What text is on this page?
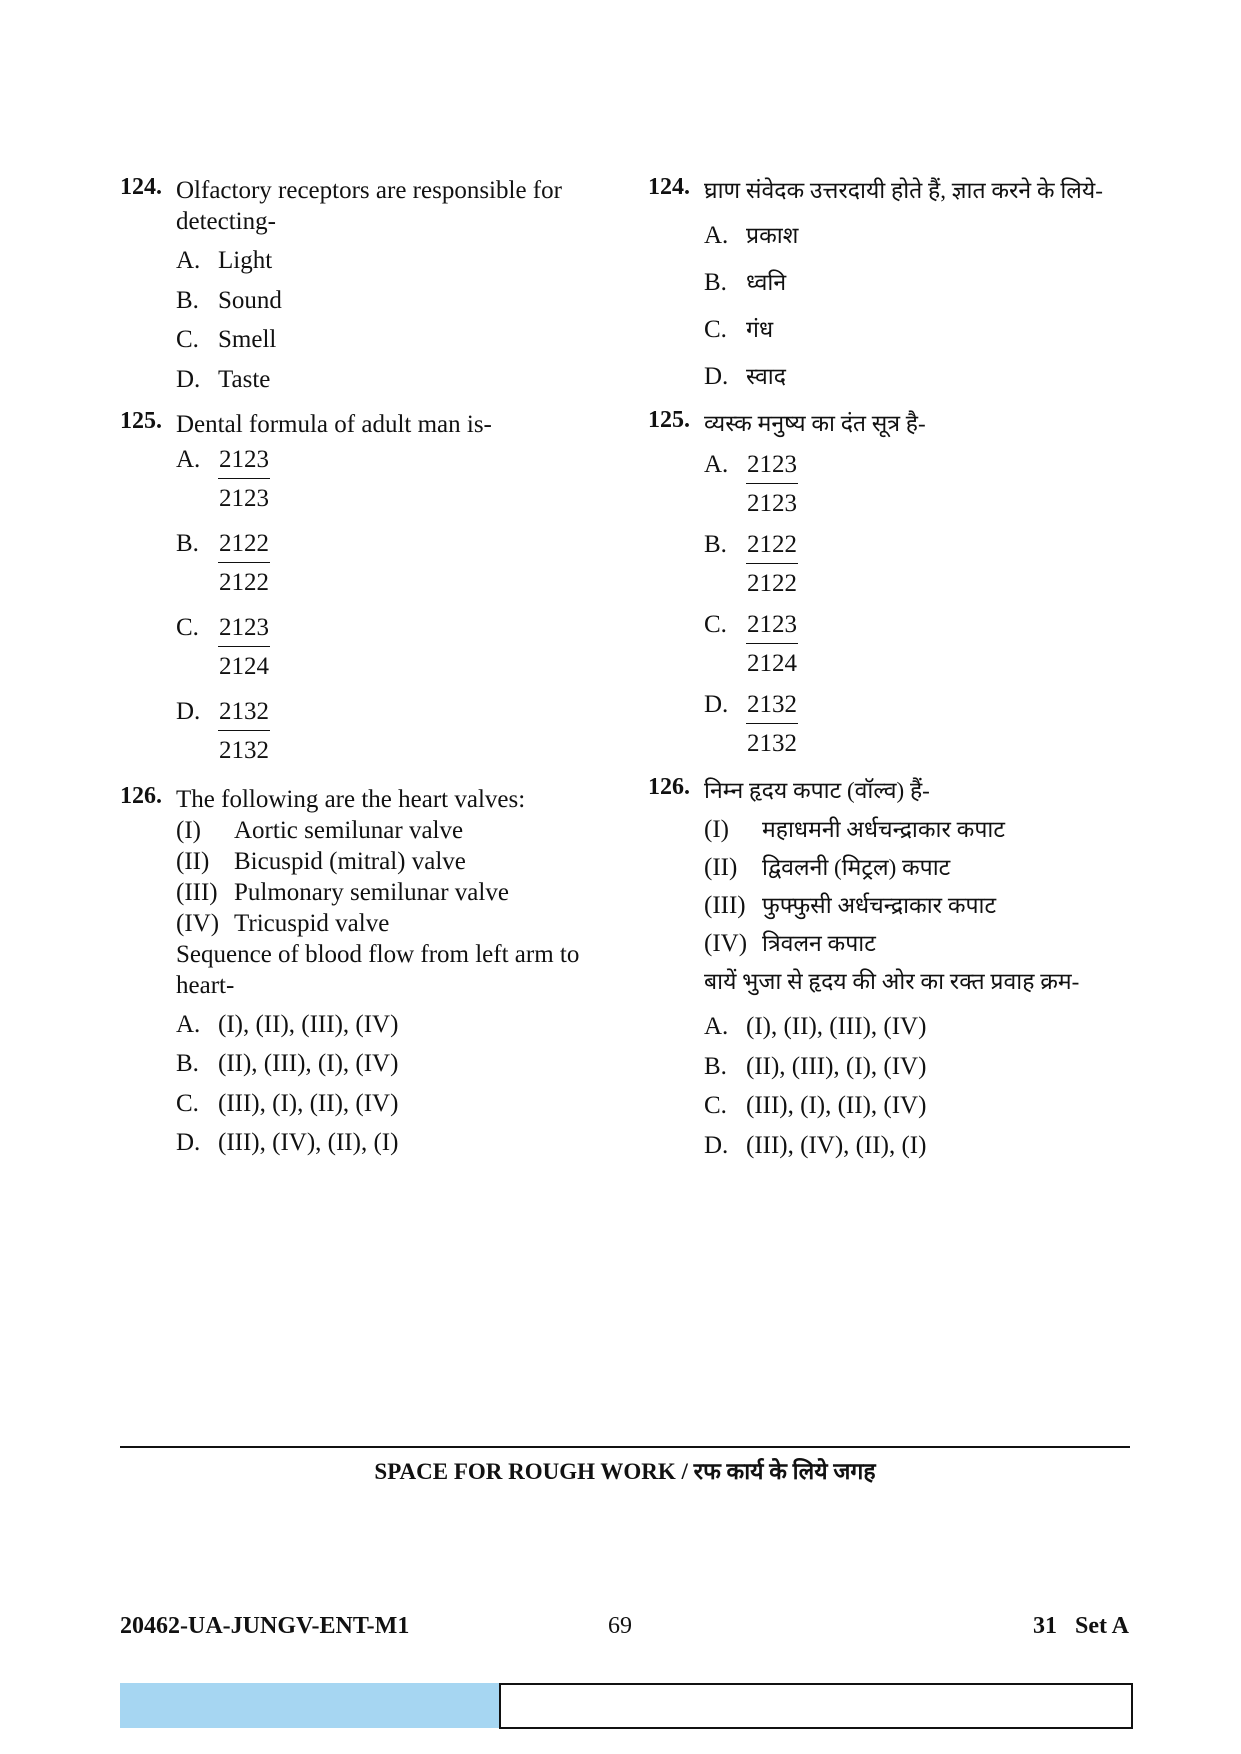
124. Olfactory receptors are responsible for detecting-

A. Light
B. Sound
C. Smell
D. Taste
125. Dental formula of adult man is-

A. $\frac{2123}{2123}$
B. $\frac{2122}{2122}$
C. $\frac{2123}{2124}$
D. $\frac{2132}{2132}$
126. The following are the heart valves:

(I)	Aortic semilunar valve
(II) Bicuspid (mitral) valve
(III) Pulmonary semilunar valve
(IV) Tricuspid valve

Sequence of blood flow from left arm to heart-

A. (I), (II), (III), (IV)
B. (II), (III), (I), (IV)
C. (III), (I), (II), (IV)
D. (III), (IV), (II), (I)
124. घ्राण संवेदक उत्तरदायी होते हैं, ज्ञात करने के लिये-

A. प्रकाश
B. ध्वनि
C. गंध
D. स्वाद
125. व्यस्क मनुष्य का दंत सूत्र है-

A. $\frac{2123}{2123}$
B. $\frac{2122}{2122}$
C. $\frac{2123}{2124}$
D. $\frac{2132}{2132}$
126. निम्न हृदय कपाट (वॉल्व) हैं-

(I)	महाधमनी अर्धचन्द्राकार कपाट
(II)	द्विवलनी (मिट्रल) कपाट
(III) फुफ्फुसी अर्धचन्द्राकार कपाट
(IV) त्रिवलन कपाट

बायें भुजा से हृदय की ओर का रक्त प्रवाह क्रम-

A. (I), (II), (III), (IV)
B. (II), (III), (I), (IV)
C. (III), (I), (II), (IV)
D. (III), (IV), (II), (I)
SPACE FOR ROUGH WORK / रफ कार्य के लिये जगह
20462-UA-JUNGV-ENT-M1	69	31   Set A
